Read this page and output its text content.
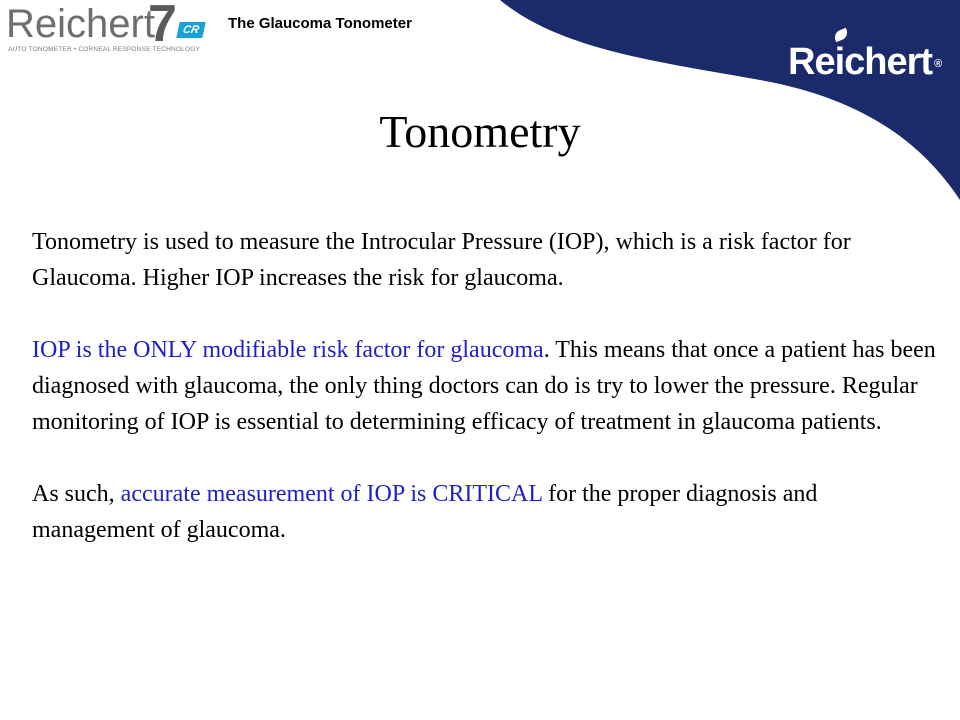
Reichert
7 CR
AUTO TONOMETER • CORNEAL RESPONSE TECHNOLOGY
The Glaucoma Tonometer
Reichert ®
Tonometry

Tonometry is used to measure the Introcular Pressure (IOP), which is a risk factor for Glaucoma. Higher IOP increases the risk for glaucoma.

IOP is the ONLY modifiable risk factor for glaucoma. This means that once a patient has been diagnosed with glaucoma, the only thing doctors can do is try to lower the pressure. Regular monitoring of IOP is essential to determining efficacy of treatment in glaucoma patients.

As such, accurate measurement of IOP is CRITICAL for the proper diagnosis and management of glaucoma.
